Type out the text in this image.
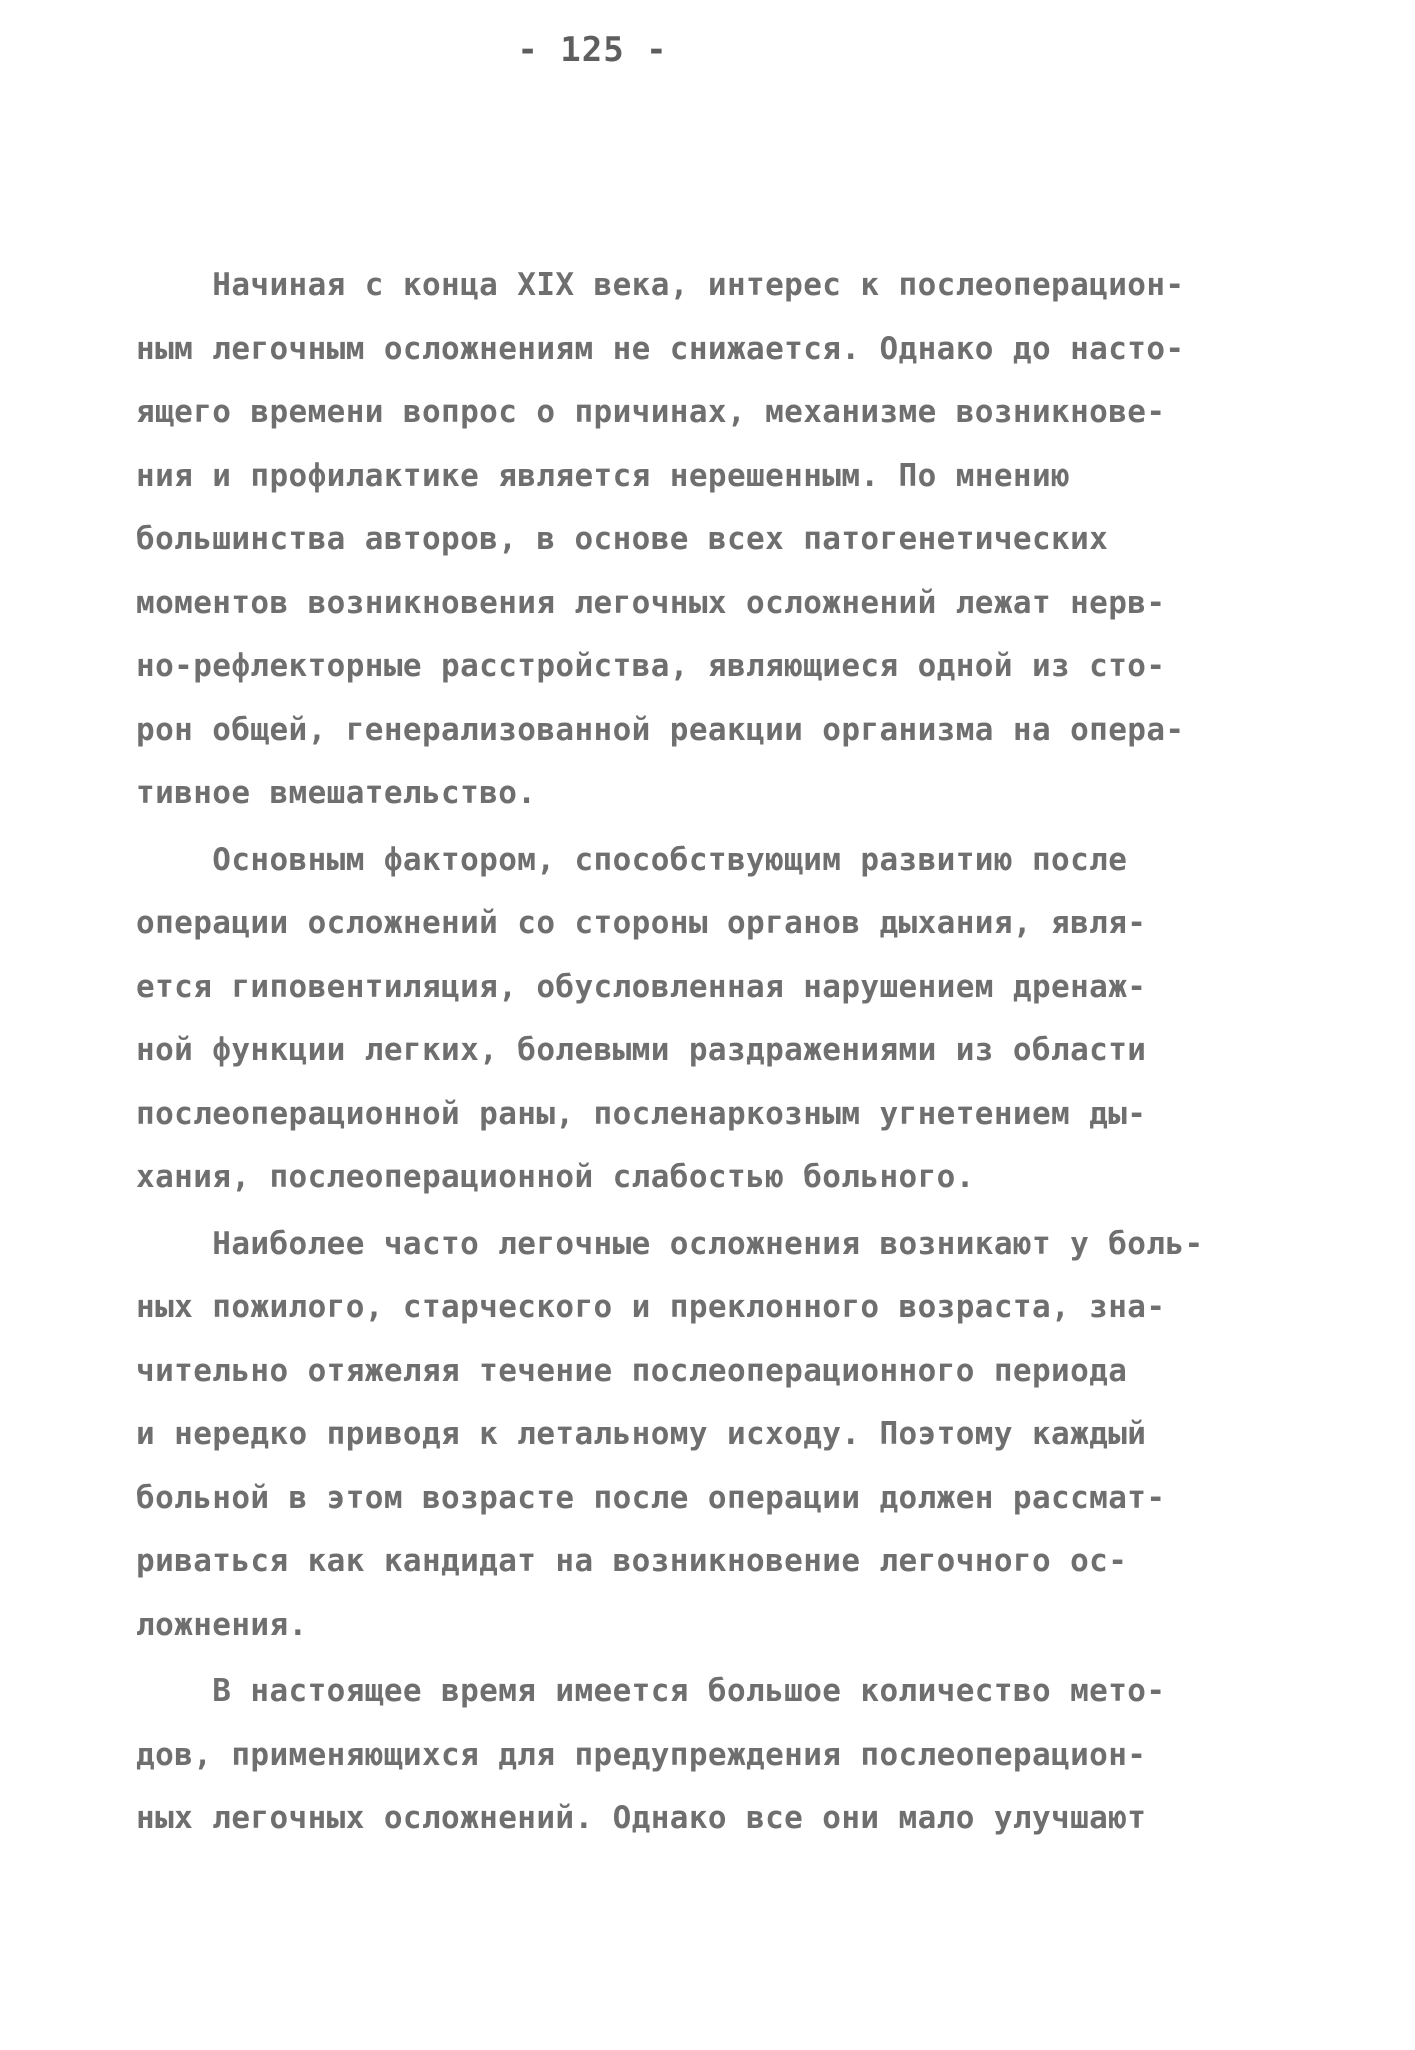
- 125 -
Начиная с конца XIX века, интерес к послеоперацион-
ным легочным осложнениям не снижается. Однако до насто-
ящего времени вопрос о причинах, механизме возникнове-
ния и профилактике является нерешенным. По мнению
большинства авторов, в основе всех патогенетических
моментов возникновения легочных осложнений лежат нерв-
но-рефлекторные расстройства, являющиеся одной из сто-
рон общей, генерализованной реакции организма на опера-
тивное вмешательство.
Основным фактором, способствующим развитию после
операции осложнений со стороны органов дыхания, явля-
ется гиповентиляция, обусловленная нарушением дренаж-
ной функции легких, болевыми раздражениями из области
послеоперационной раны, посленаркозным угнетением ды-
хания, послеоперационной слабостью больного.
Наиболее часто легочные осложнения возникают у боль-
ных пожилого, старческого и преклонного возраста, зна-
чительно отяжеляя течение послеоперационного периода
и нередко приводя к летальному исходу. Поэтому каждый
больной в этом возрасте после операции должен рассмат-
риваться как кандидат на возникновение легочного ос-
ложнения.
В настоящее время имеется большое количество мето-
дов, применяющихся для предупреждения послеоперацион-
ных легочных осложнений. Однако все они мало улучшают
